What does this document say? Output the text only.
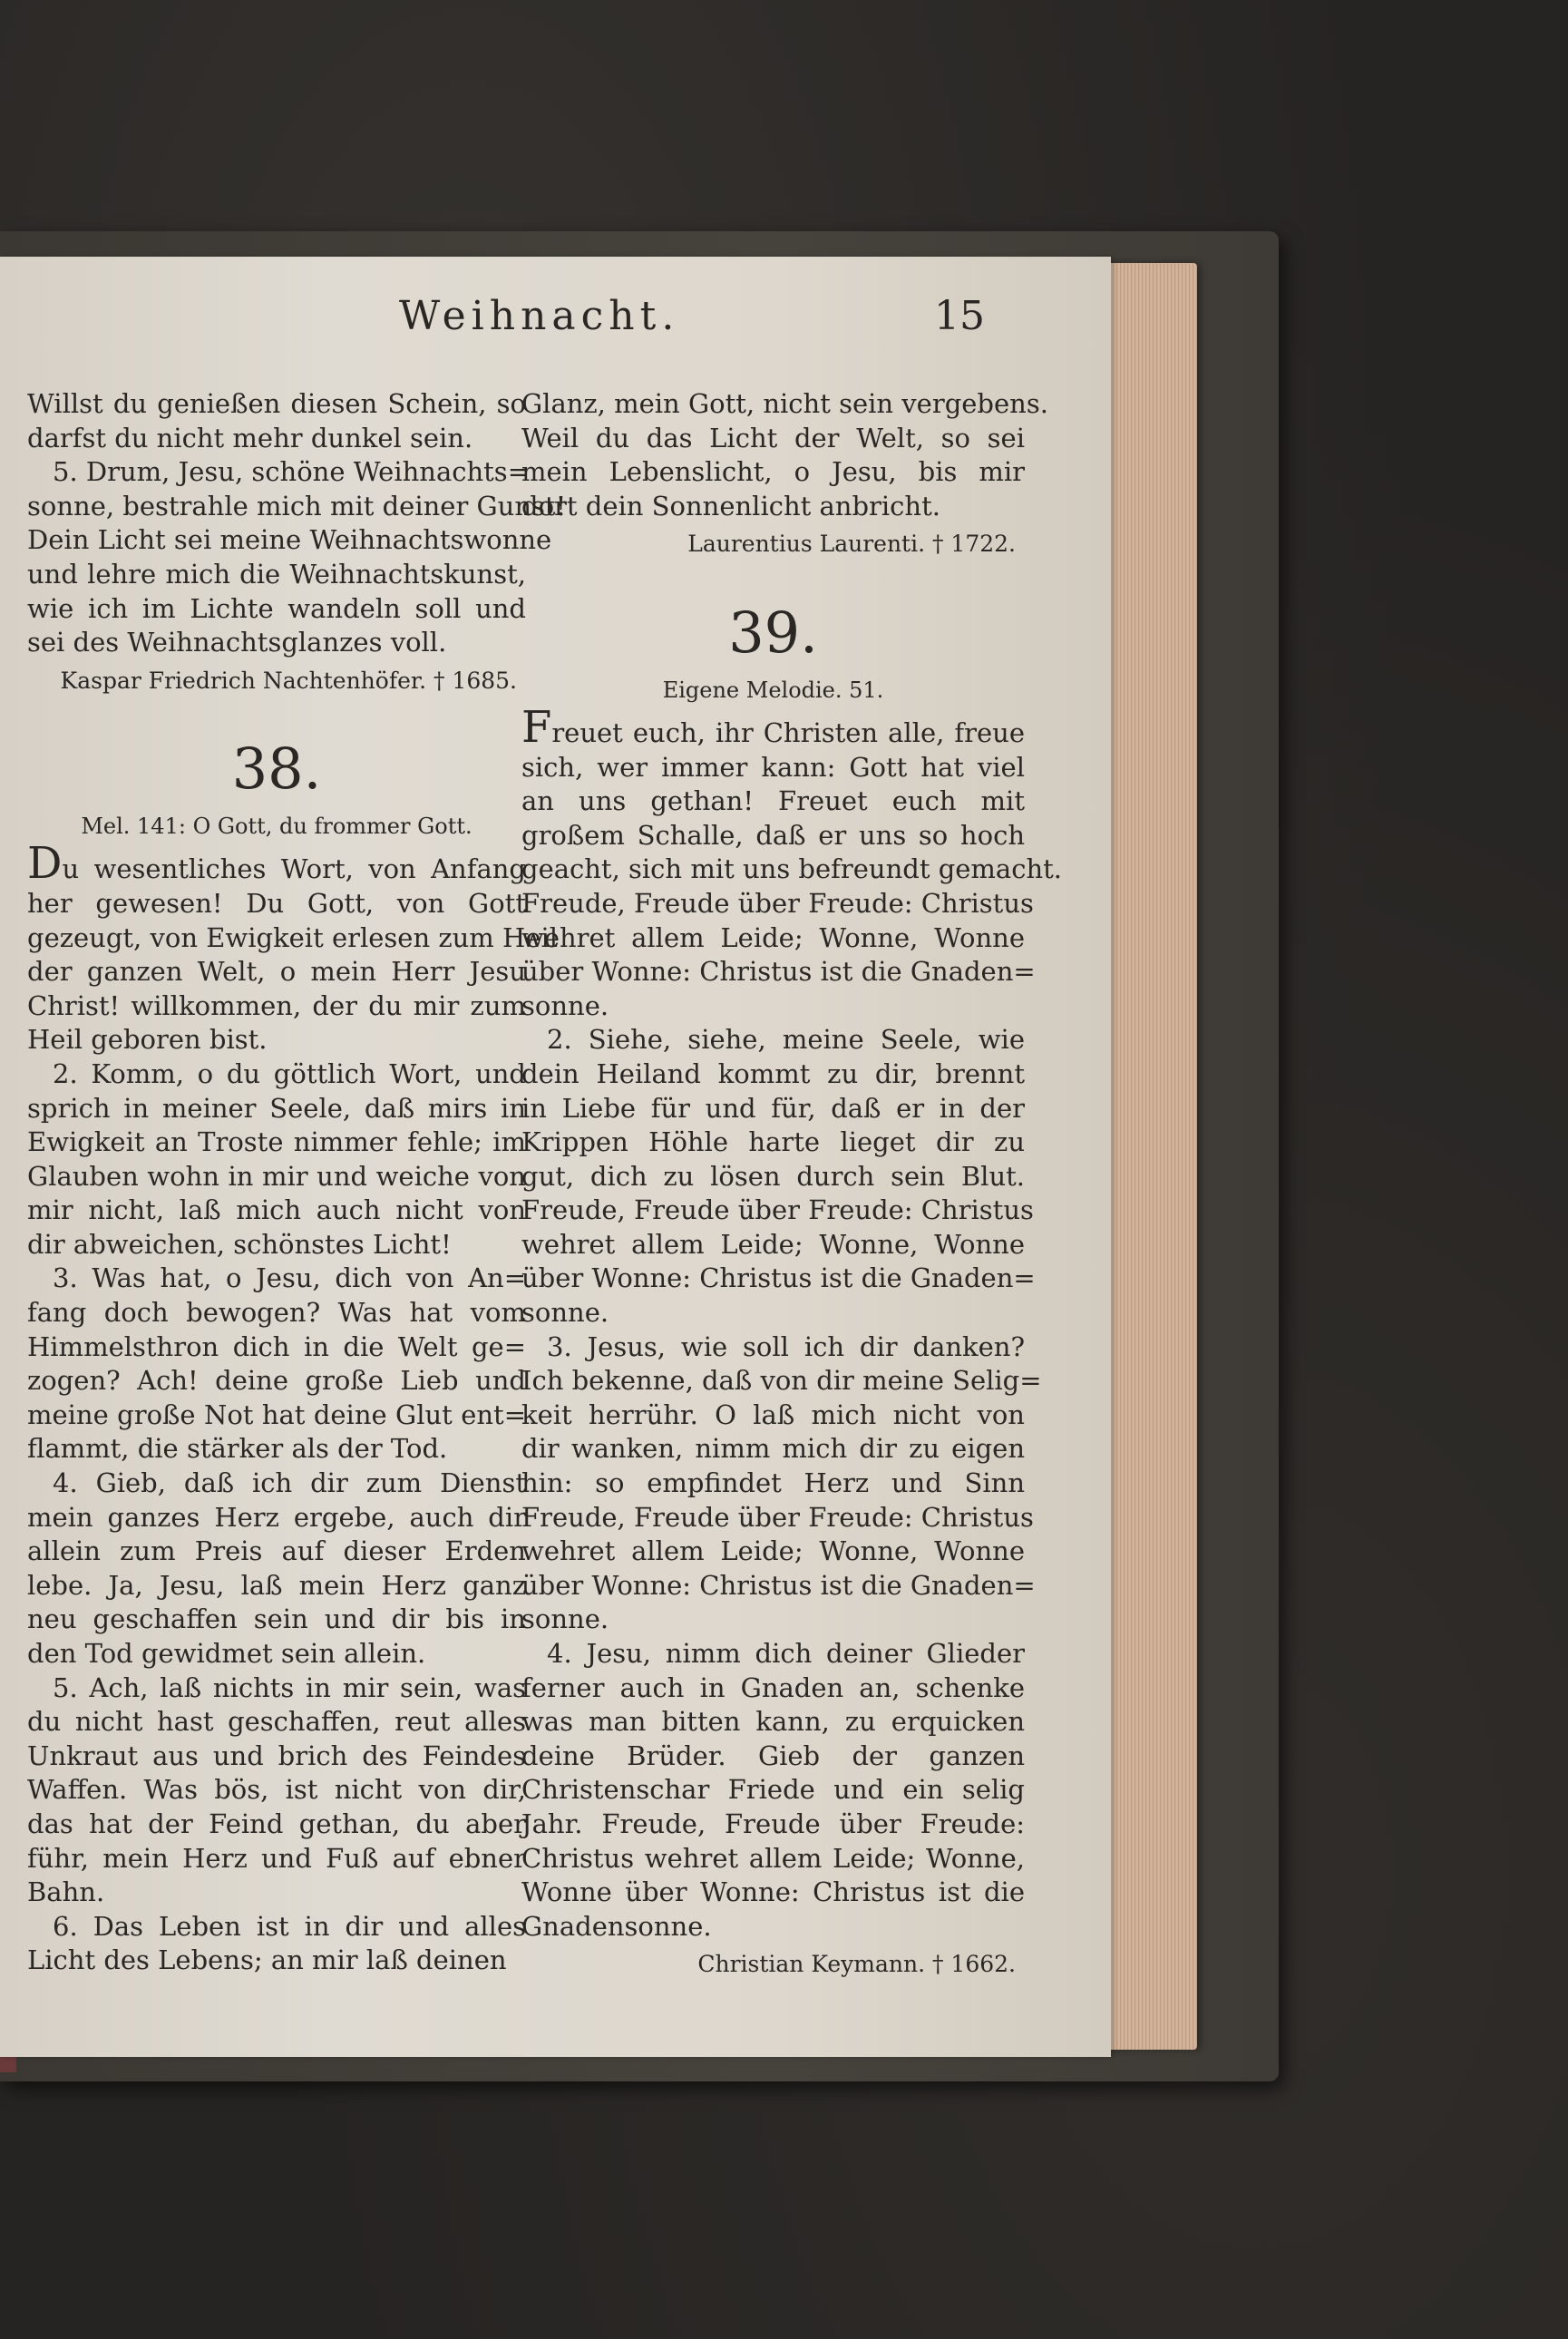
Weihnacht.	15
Willst du genießen diesen Schein, so
darfst du nicht mehr dunkel sein.
5. Drum, Jesu, schöne Weihnachts=
sonne, bestrahle mich mit deiner Gunst!
Dein Licht sei meine Weihnachtswonne
und lehre mich die Weihnachtskunst,
wie ich im Lichte wandeln soll und
sei des Weihnachtsglanzes voll.
Kaspar Friedrich Nachtenhöfer. † 1685.
38.
Mel. 141: O Gott, du frommer Gott.
Du wesentliches Wort, von Anfang
her gewesen! Du Gott, von Gott
gezeugt, von Ewigkeit erlesen zum Heil
der ganzen Welt, o mein Herr Jesu
Christ! willkommen, der du mir zum
Heil geboren bist.
2. Komm, o du göttlich Wort, und
sprich in meiner Seele, daß mirs in
Ewigkeit an Troste nimmer fehle; im
Glauben wohn in mir und weiche von
mir nicht, laß mich auch nicht von
dir abweichen, schönstes Licht!
3. Was hat, o Jesu, dich von An=
fang doch bewogen? Was hat vom
Himmelsthron dich in die Welt ge=
zogen? Ach! deine große Lieb und
meine große Not hat deine Glut ent=
flammt, die stärker als der Tod.
4. Gieb, daß ich dir zum Dienst
mein ganzes Herz ergebe, auch dir
allein zum Preis auf dieser Erden
lebe. Ja, Jesu, laß mein Herz ganz
neu geschaffen sein und dir bis in
den Tod gewidmet sein allein.
5. Ach, laß nichts in mir sein, was
du nicht hast geschaffen, reut alles
Unkraut aus und brich des Feindes
Waffen. Was bös, ist nicht von dir,
das hat der Feind gethan, du aber
führ, mein Herz und Fuß auf ebner
Bahn.
6. Das Leben ist in dir und alles
Licht des Lebens; an mir laß deinen
Glanz, mein Gott, nicht sein vergebens.
Weil du das Licht der Welt, so sei
mein Lebenslicht, o Jesu, bis mir
dort dein Sonnenlicht anbricht.
Laurentius Laurenti. † 1722.
39.
Eigene Melodie. 51.
Freuet euch, ihr Christen alle, freue
sich, wer immer kann: Gott hat viel
an uns gethan! Freuet euch mit
großem Schalle, daß er uns so hoch
geacht, sich mit uns befreundt gemacht.
Freude, Freude über Freude: Christus
wehret allem Leide; Wonne, Wonne
über Wonne: Christus ist die Gnaden=
sonne.
2. Siehe, siehe, meine Seele, wie
dein Heiland kommt zu dir, brennt
in Liebe für und für, daß er in der
Krippen Höhle harte lieget dir zu
gut, dich zu lösen durch sein Blut.
Freude, Freude über Freude: Christus
wehret allem Leide; Wonne, Wonne
über Wonne: Christus ist die Gnaden=
sonne.
3. Jesus, wie soll ich dir danken?
Ich bekenne, daß von dir meine Selig=
keit herrühr. O laß mich nicht von
dir wanken, nimm mich dir zu eigen
hin: so empfindet Herz und Sinn
Freude, Freude über Freude: Christus
wehret allem Leide; Wonne, Wonne
über Wonne: Christus ist die Gnaden=
sonne.
4. Jesu, nimm dich deiner Glieder
ferner auch in Gnaden an, schenke
was man bitten kann, zu erquicken
deine Brüder. Gieb der ganzen
Christenschar Friede und ein selig
Jahr. Freude, Freude über Freude:
Christus wehret allem Leide; Wonne,
Wonne über Wonne: Christus ist die
Gnadensonne.
Christian Keymann. † 1662.
